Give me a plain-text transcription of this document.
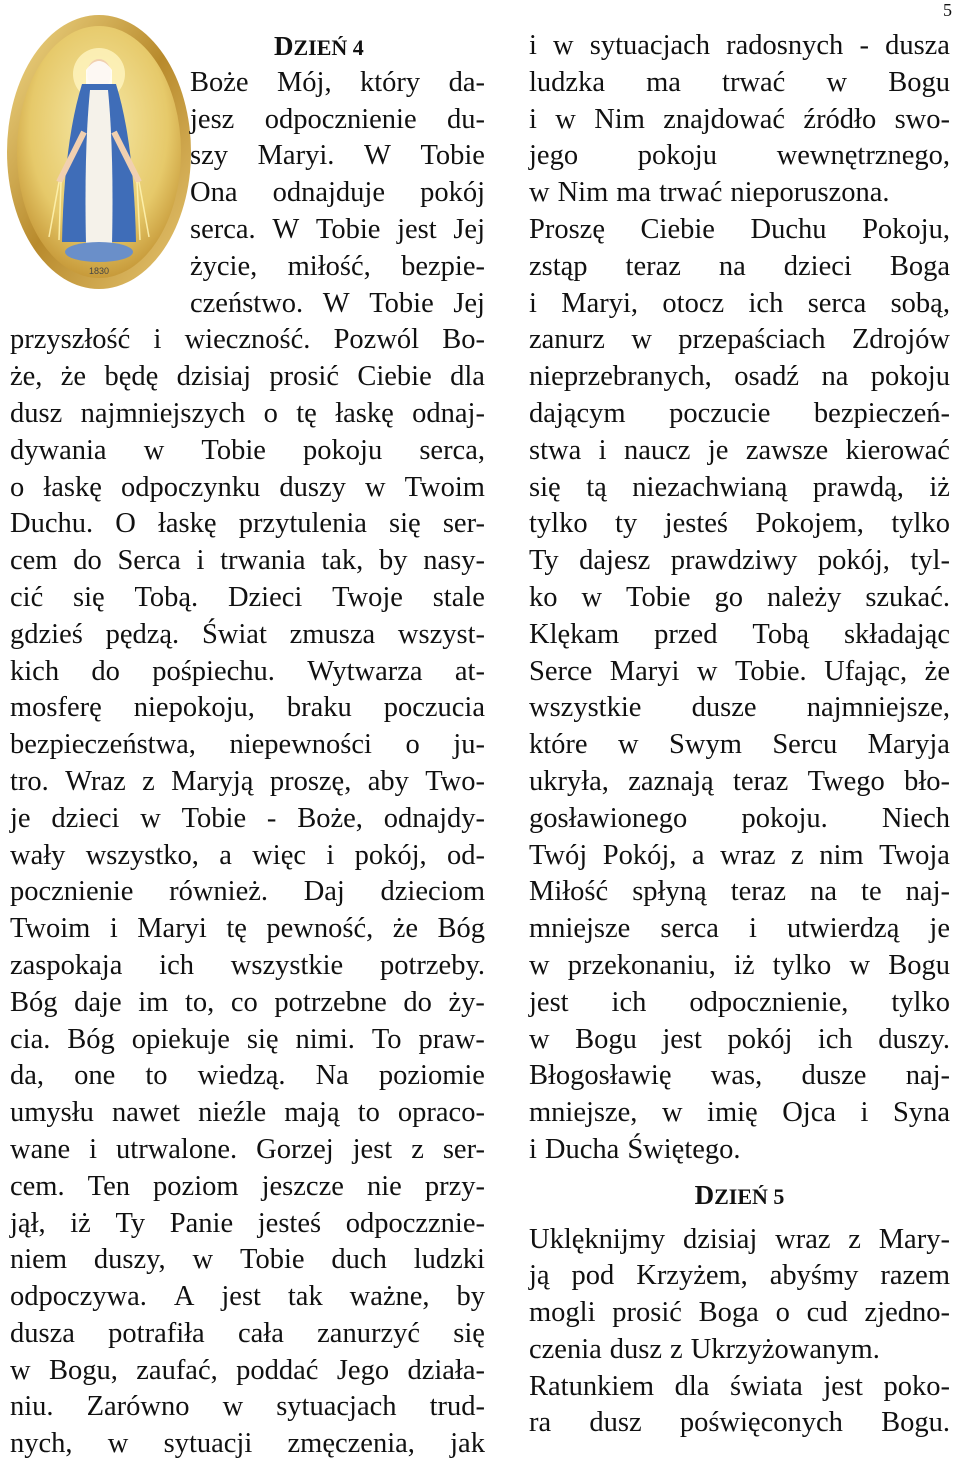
5
1830
DZIEŃ 4
Boże Mój, który da-
jesz odpocznienie du-
szy Maryi. W Tobie
Ona odnajduje pokój
serca. W Tobie jest Jej
życie, miłość, bezpie-
czeństwo. W Tobie Jej
przyszłość i wieczność. Pozwól Bo-
że, że będę dzisiaj prosić Ciebie dla
dusz najmniejszych o tę łaskę odnaj-
dywania w Tobie pokoju serca,
o łaskę odpoczynku duszy w Twoim
Duchu. O łaskę przytulenia się ser-
cem do Serca i trwania tak, by nasy-
cić się Tobą. Dzieci Twoje stale
gdzieś pędzą. Świat zmusza wszyst-
kich do pośpiechu. Wytwarza at-
mosferę niepokoju, braku poczucia
bezpieczeństwa, niepewności o ju-
tro. Wraz z Maryją proszę, aby Two-
je dzieci w Tobie - Boże, odnajdy-
wały wszystko, a więc i pokój, od-
pocznienie również. Daj dzieciom
Twoim i Maryi tę pewność, że Bóg
zaspokaja ich wszystkie potrzeby.
Bóg daje im to, co potrzebne do ży-
cia. Bóg opiekuje się nimi. To praw-
da, one to wiedzą. Na poziomie
umysłu nawet nieźle mają to opraco-
wane i utrwalone. Gorzej jest z ser-
cem. Ten poziom jeszcze nie przy-
jął, iż Ty Panie jesteś odpoczznie-
niem duszy, w Tobie duch ludzki
odpoczywa. A jest tak ważne, by
dusza potrafiła cała zanurzyć się
w Bogu, zaufać, poddać Jego działa-
niu. Zarówno w sytuacjach trud-
nych, w sytuacji zmęczenia, jak
i w sytuacjach radosnych - dusza
ludzka ma trwać w Bogu
i w Nim znajdować źródło swo-
jego pokoju wewnętrznego,
w Nim ma trwać nieporuszona.
Proszę Ciebie Duchu Pokoju,
zstąp teraz na dzieci Boga
i Maryi, otocz ich serca sobą,
zanurz w przepaściach Zdrojów
nieprzebranych, osadź na pokoju
dającym poczucie bezpieczeń-
stwa i naucz je zawsze kierować
się tą niezachwianą prawdą, iż
tylko ty jesteś Pokojem, tylko
Ty dajesz prawdziwy pokój, tyl-
ko w Tobie go należy szukać.
Klękam przed Tobą składając
Serce Maryi w Tobie. Ufając, że
wszystkie dusze najmniejsze,
które w Swym Sercu Maryja
ukryła, zaznają teraz Twego bło-
gosławionego pokoju. Niech
Twój Pokój, a wraz z nim Twoja
Miłość spłyną teraz na te naj-
mniejsze serca i utwierdzą je
w przekonaniu, iż tylko w Bogu
jest ich odpocznienie, tylko
w Bogu jest pokój ich duszy.
Błogosławię was, dusze naj-
mniejsze, w imię Ojca i Syna
i Ducha Świętego.
DZIEŃ 5
Uklęknijmy dzisiaj wraz z Mary-
ją pod Krzyżem, abyśmy razem
mogli prosić Boga o cud zjedno-
czenia dusz z Ukrzyżowanym.
Ratunkiem dla świata jest poko-
ra dusz poświęconych Bogu.
